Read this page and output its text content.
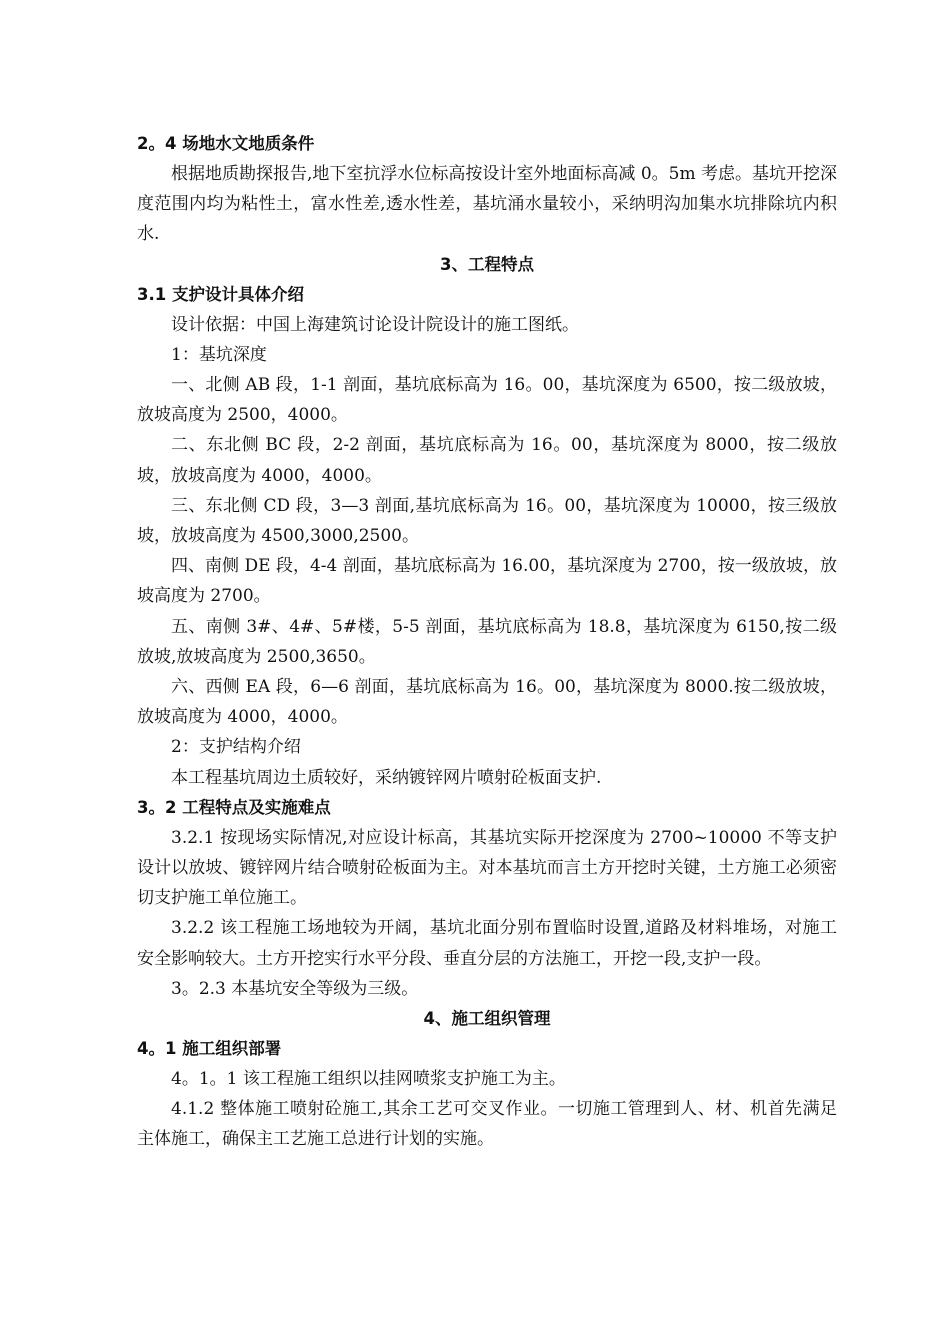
2。4 场地水文地质条件

根据地质勘探报告,地下室抗浮水位标高按设计室外地面标高减 0。5m 考虑。基坑开挖深度范围内均为粘性土，富水性差,透水性差，基坑涌水量较小，采纳明沟加集水坑排除坑内积水.

3、工程特点
3.1 支护设计具体介绍

设计依据：中国上海建筑讨论设计院设计的施工图纸。

1：基坑深度

一、北侧 AB 段，1-1 剖面，基坑底标高为 16。00，基坑深度为 6500，按二级放坡，放坡高度为 2500，4000。

二、东北侧 BC 段，2-2 剖面，基坑底标高为 16。00，基坑深度为 8000，按二级放坡，放坡高度为 4000，4000。

三、东北侧 CD 段，3—3 剖面,基坑底标高为 16。00，基坑深度为 10000，按三级放坡，放坡高度为 4500,3000,2500。

四、南侧 DE 段，4-4 剖面，基坑底标高为 16.00，基坑深度为 2700，按一级放坡，放坡高度为 2700。

五、南侧 3#、4#、5#楼，5-5 剖面，基坑底标高为 18.8，基坑深度为 6150,按二级放坡,放坡高度为 2500,3650。

六、西侧 EA 段，6—6 剖面，基坑底标高为 16。00，基坑深度为 8000.按二级放坡，放坡高度为 4000，4000。

2：支护结构介绍

本工程基坑周边土质较好，采纳镀锌网片喷射砼板面支护.

3。2 工程特点及实施难点

3.2.1 按现场实际情况,对应设计标高，其基坑实际开挖深度为 2700~10000 不等支护设计以放坡、镀锌网片结合喷射砼板面为主。对本基坑而言土方开挖时关键，土方施工必须密切支护施工单位施工。

3.2.2 该工程施工场地较为开阔，基坑北面分别布置临时设置,道路及材料堆场，对施工安全影响较大。土方开挖实行水平分段、垂直分层的方法施工，开挖一段,支护一段。

3。2.3 本基坑安全等级为三级。

4、施工组织管理
4。1 施工组织部署

4。1。1 该工程施工组织以挂网喷浆支护施工为主。

4.1.2 整体施工喷射砼施工,其余工艺可交叉作业。一切施工管理到人、材、机首先满足主体施工，确保主工艺施工总进行计划的实施。
